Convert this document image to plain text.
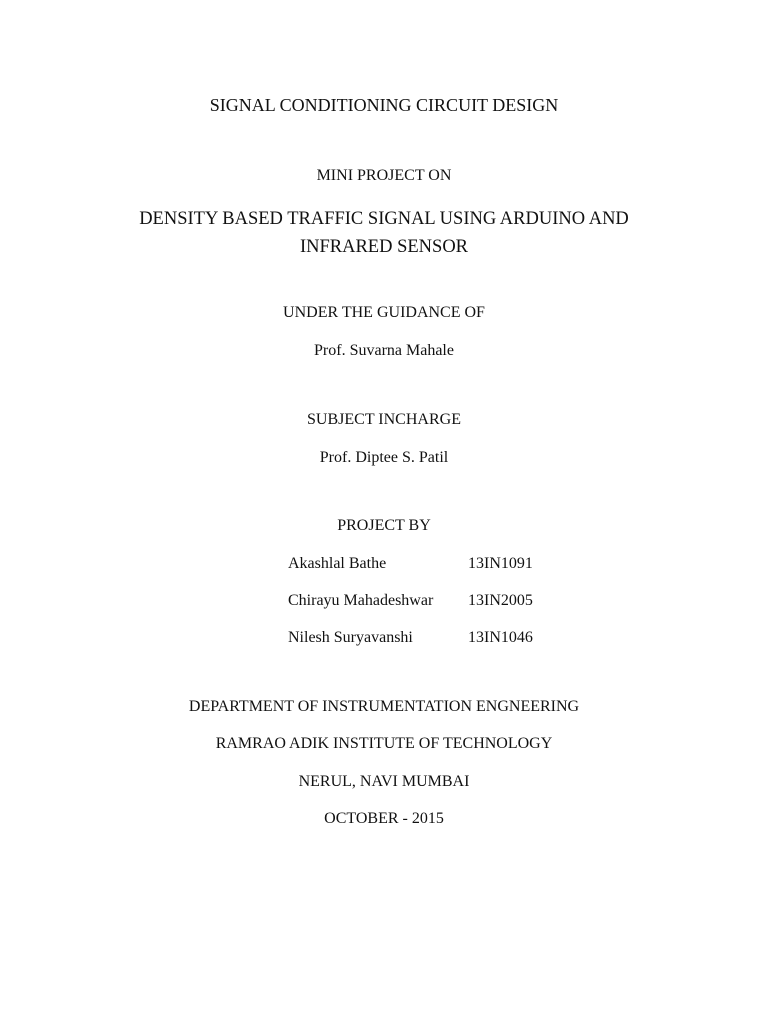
SIGNAL CONDITIONING CIRCUIT DESIGN
MINI PROJECT ON
DENSITY BASED TRAFFIC SIGNAL USING ARDUINO AND
INFRARED SENSOR
UNDER THE GUIDANCE OF
Prof. Suvarna Mahale
SUBJECT INCHARGE
Prof. Diptee S. Patil
PROJECT BY
Akashlal Bathe	13IN1091
Chirayu Mahadeshwar	13IN2005
Nilesh Suryavanshi	13IN1046
DEPARTMENT OF INSTRUMENTATION ENGNEERING
RAMRAO ADIK INSTITUTE OF TECHNOLOGY
NERUL, NAVI MUMBAI
OCTOBER - 2015
